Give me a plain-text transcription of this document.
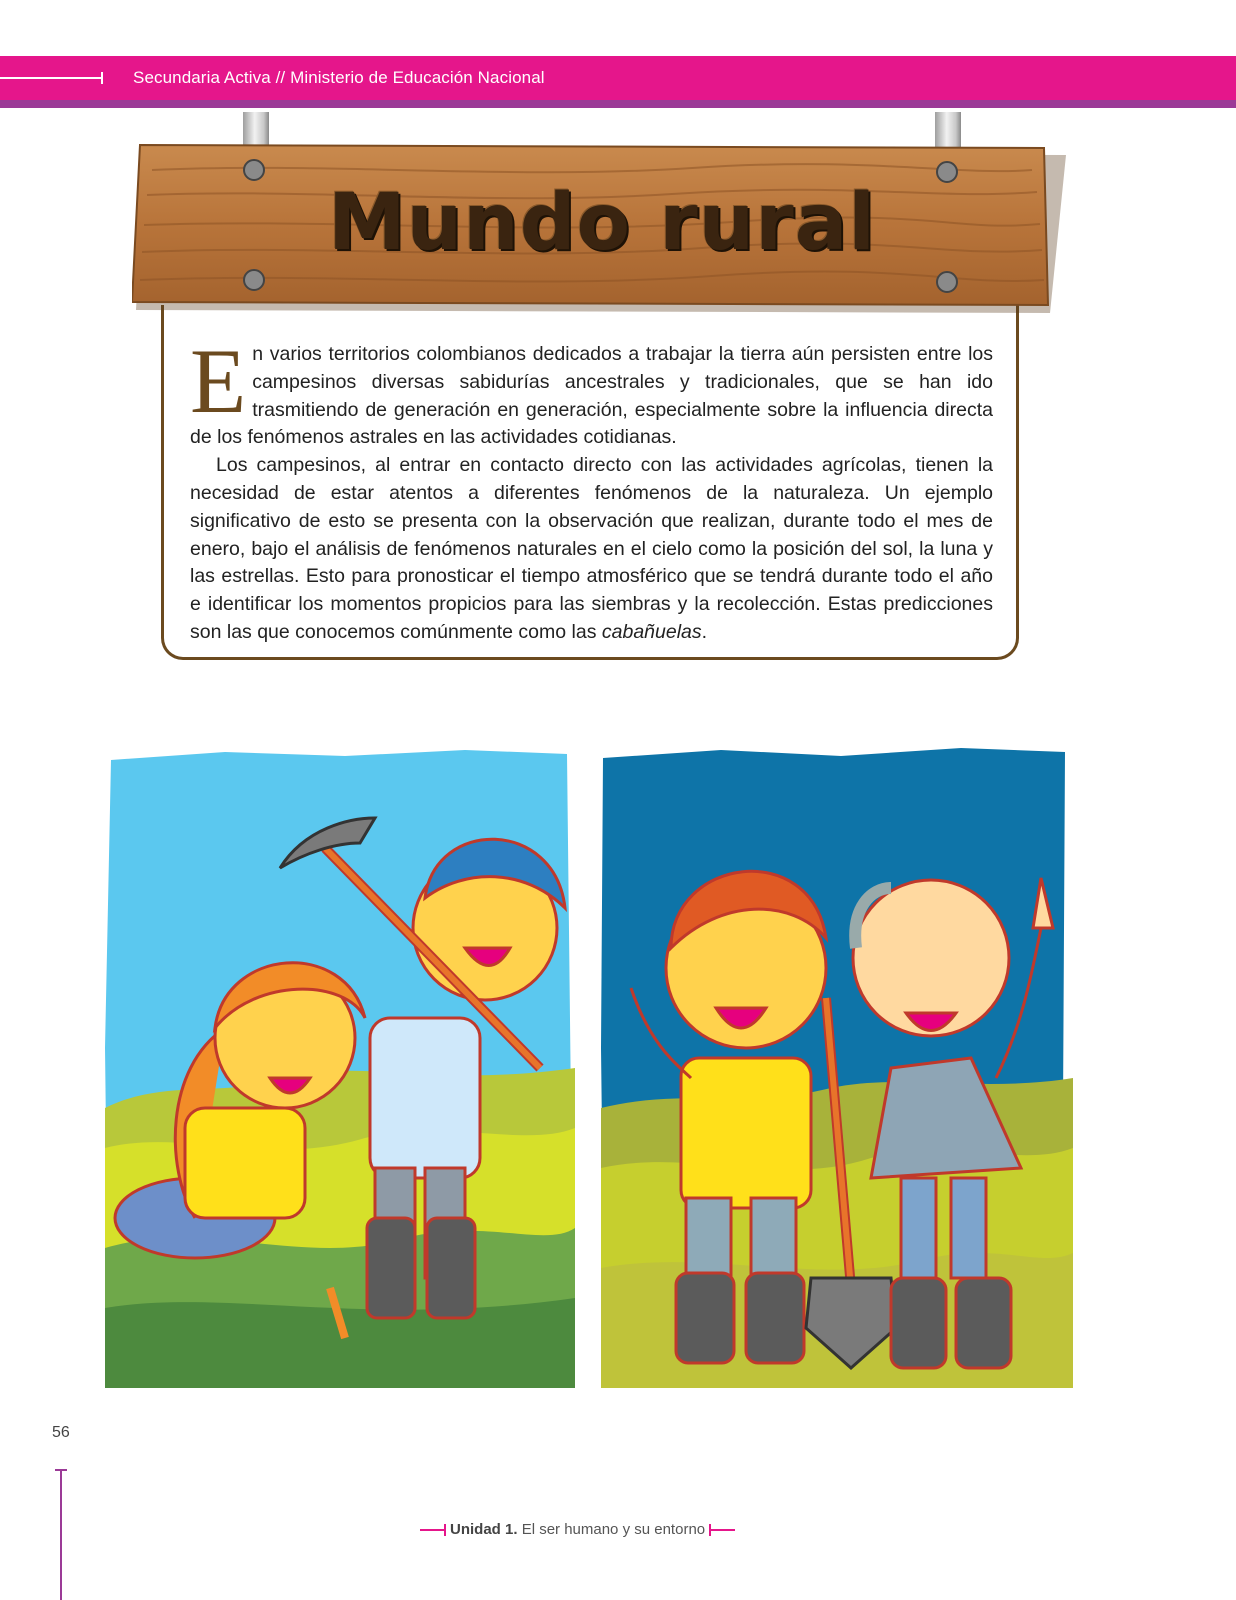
Secundaria Activa // Ministerio de Educación Nacional

En varios territorios colombianos dedicados a trabajar la tierra aún persisten entre los campesinos diversas sabidurías ancestrales y tradicionales, que se han ido trasmitiendo de generación en generación, especialmente sobre la influencia directa de los fenómenos astrales en las actividades cotidianas.

Los campesinos, al entrar en contacto directo con las actividades agrícolas, tienen la necesidad de estar atentos a diferentes fenómenos de la naturaleza. Un ejemplo significativo de esto se presenta con la observación que realizan, durante todo el mes de enero, bajo el análisis de fenómenos naturales en el cielo como la posición del sol, la luna y las estrellas. Esto para pronosticar el tiempo atmosférico que se tendrá durante todo el año e identificar los momentos propicios para las siembras y la recolección. Estas predicciones son las que conocemos comúnmente como las cabañuelas.

Mundo rural
56
Unidad 1. El ser humano y su entorno
